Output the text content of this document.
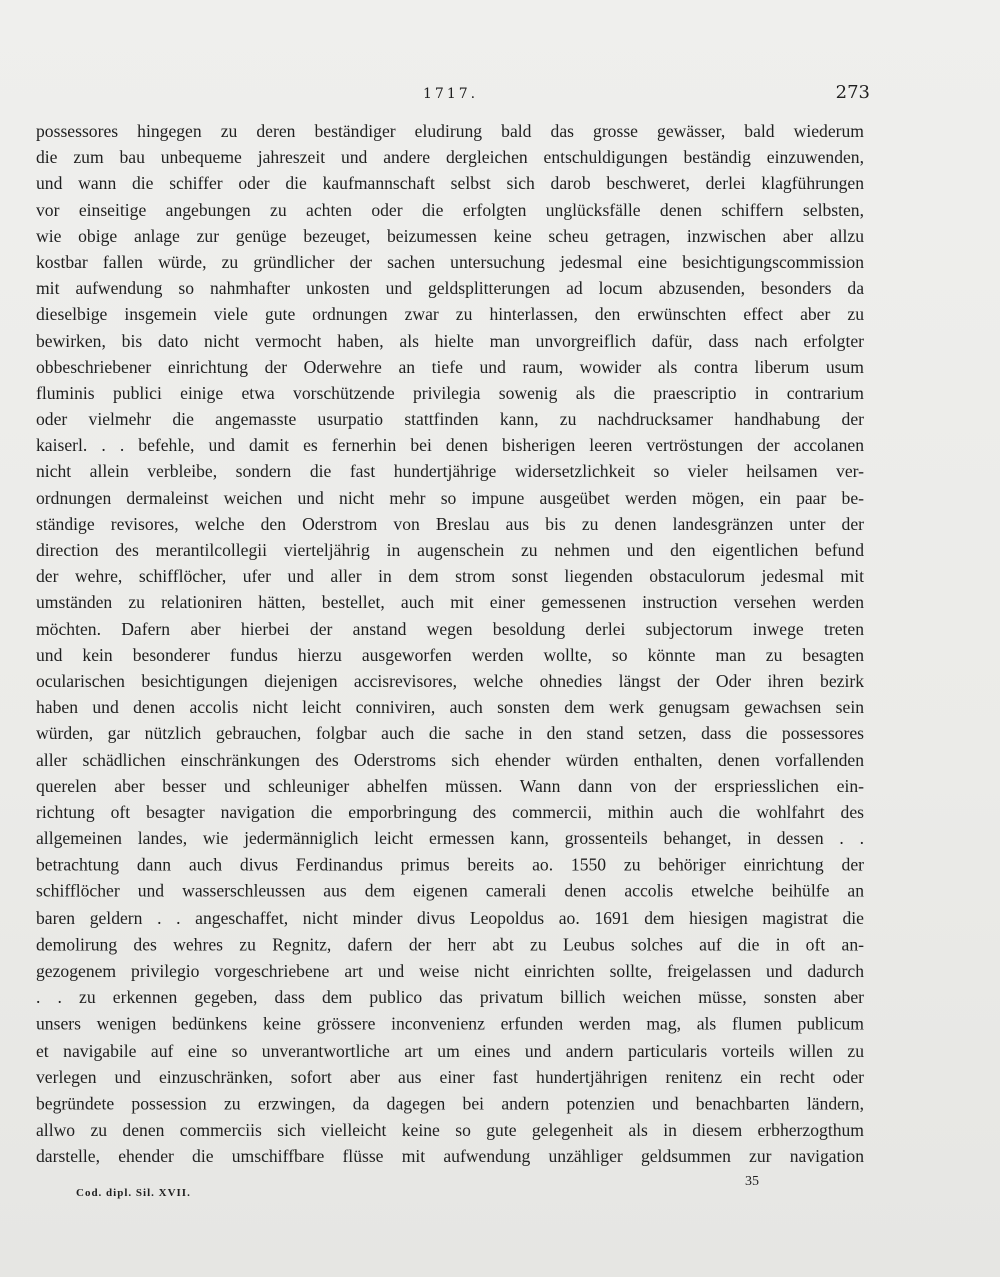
1717.	273
possessores hingegen zu deren beständiger eludirung bald das grosse gewässer, bald wiederum
die zum bau unbequeme jahreszeit und andere dergleichen entschuldigungen beständig einzuwenden,
und wann die schiffer oder die kaufmannschaft selbst sich darob beschweret, derlei klagführungen
vor einseitige angebungen zu achten oder die erfolgten unglücksfälle denen schiffern selbsten,
wie obige anlage zur genüge bezeuget, beizumessen keine scheu getragen, inzwischen aber allzu
kostbar fallen würde, zu gründlicher der sachen untersuchung jedesmal eine besichtigungscommission
mit aufwendung so nahmhafter unkosten und geldsplitterungen ad locum abzusenden, besonders da
dieselbige insgemein viele gute ordnungen zwar zu hinterlassen, den erwünschten effect aber zu
bewirken, bis dato nicht vermocht haben, als hielte man unvorgreiflich dafür, dass nach erfolgter
obbeschriebener einrichtung der Oderwehre an tiefe und raum, wowider als contra liberum usum
fluminis publici einige etwa vorschützende privilegia sowenig als die praescriptio in contrarium
oder vielmehr die angemasste usurpatio stattfinden kann, zu nachdrucksamer handhabung der
kaiserl. . . befehle, und damit es fernerhin bei denen bisherigen leeren vertröstungen der accolanen
nicht allein verbleibe, sondern die fast hundertjährige widersetzlichkeit so vieler heilsamen ver-
ordnungen dermaleinst weichen und nicht mehr so impune ausgeübet werden mögen, ein paar be-
ständige revisores, welche den Oderstrom von Breslau aus bis zu denen landesgränzen unter der
direction des merantilcollegii vierteljährig in augenschein zu nehmen und den eigentlichen befund
der wehre, schifflöcher, ufer und aller in dem strom sonst liegenden obstaculorum jedesmal mit
umständen zu relationiren hätten, bestellet, auch mit einer gemessenen instruction versehen werden
möchten. Dafern aber hierbei der anstand wegen besoldung derlei subjectorum inwege treten
und kein besonderer fundus hierzu ausgeworfen werden wollte, so könnte man zu besagten
ocularischen besichtigungen diejenigen accisrevisores, welche ohnedies längst der Oder ihren bezirk
haben und denen accolis nicht leicht conniviren, auch sonsten dem werk genugsam gewachsen sein
würden, gar nützlich gebrauchen, folgbar auch die sache in den stand setzen, dass die possessores
aller schädlichen einschränkungen des Oderstroms sich ehender würden enthalten, denen vorfallenden
querelen aber besser und schleuniger abhelfen müssen. Wann dann von der erspriesslichen ein-
richtung oft besagter navigation die emporbringung des commercii, mithin auch die wohlfahrt des
allgemeinen landes, wie jedermänniglich leicht ermessen kann, grossenteils behanget, in dessen . .
betrachtung dann auch divus Ferdinandus primus bereits ao. 1550 zu behöriger einrichtung der
schifflöcher und wasserschleussen aus dem eigenen camerali denen accolis etwelche beihülfe an
baren geldern . . angeschaffet, nicht minder divus Leopoldus ao. 1691 dem hiesigen magistrat die
demolirung des wehres zu Regnitz, dafern der herr abt zu Leubus solches auf die in oft an-
gezogenem privilegio vorgeschriebene art und weise nicht einrichten sollte, freigelassen und dadurch
. . zu erkennen gegeben, dass dem publico das privatum billich weichen müsse, sonsten aber
unsers wenigen bedünkens keine grössere inconvenienz erfunden werden mag, als flumen publicum
et navigabile auf eine so unverantwortliche art um eines und andern particularis vorteils willen zu
verlegen und einzuschränken, sofort aber aus einer fast hundertjährigen renitenz ein recht oder
begründete possession zu erzwingen, da dagegen bei andern potenzien und benachbarten ländern,
allwo zu denen commerciis sich vielleicht keine so gute gelegenheit als in diesem erbherzogthum
darstelle, ehender die umschiffbare flüsse mit aufwendung unzähliger geldsummen zur navigation
Cod. dipl. Sil. XVII.
35
